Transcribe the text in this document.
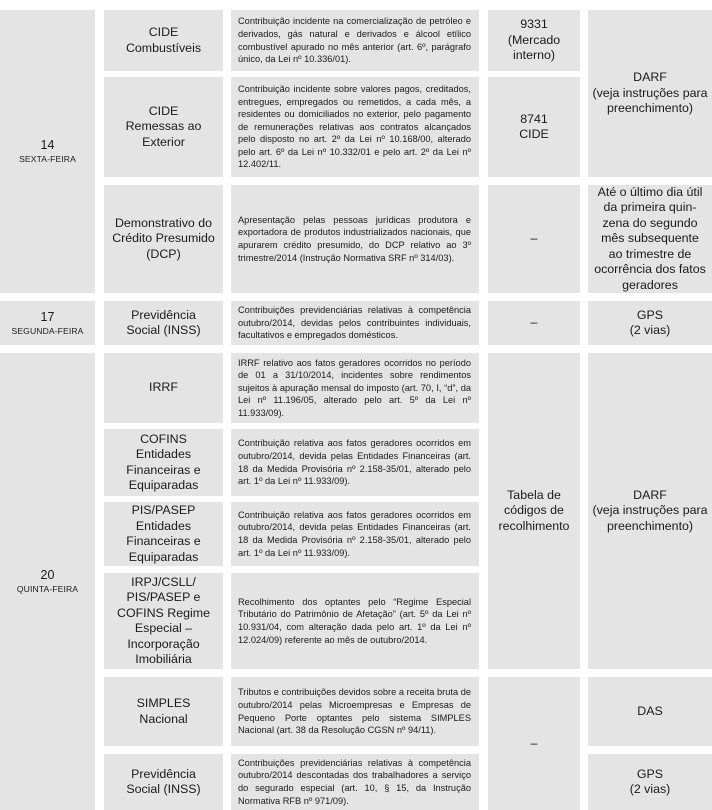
14
SEXTA-FEIRA
17
SEGUNDA-FEIRA
20
QUINTA-FEIRA
CIDE
Combustíveis
CIDE
Remessas ao
Exterior
Demonstrativo do
Crédito Presumido
(DCP)
Previdência
Social (INSS)
IRRF
COFINS
Entidades
Financeiras e
Equiparadas
PIS/PASEP
Entidades
Financeiras e
Equiparadas
IRPJ/CSLL/
PIS/PASEP e
COFINS Regime
Especial –
Incorporação
Imobiliária
SIMPLES
Nacional
Previdência
Social (INSS)
Contribuição incidente na comercialização de petróleo e derivados, gás natural e derivados e álcool etílico combustível apurado no mês anterior (art. 6º, parágrafo único, da Lei nº 10.336/01).
Contribuição incidente sobre valores pagos, creditados, entregues, empregados ou remetidos, a cada mês, a residentes ou domiciliados no exterior, pelo pagamento de remunerações relativas aos contratos alcançados pelo disposto no art. 2º da Lei nº 10.168/00, alterado pelo art. 6º da Lei nº 10.332/01 e pelo art. 2º da Lei nº 12.402/11.
Apresentação pelas pessoas jurídicas produtora e exportadora de produtos industrializados nacionais, que apurarem crédito presumido, do DCP relativo ao 3º trimestre/2014 (Instrução Normativa SRF nº 314/03).
Contribuições previdenciárias relativas à competência outubro/2014, devidas pelos contribuintes individuais, facultativos e empregados domésticos.
IRRF relativo aos fatos geradores ocorridos no período de 01 a 31/10/2014, incidentes sobre rendimentos sujeitos à apuração mensal do imposto (art. 70, I, “d”, da Lei nº 11.196/05, alterado pelo art. 5º da Lei nº 11.933/09).
Contribuição relativa aos fatos geradores ocorridos em outubro/2014, devida pelas Entidades Financeiras (art. 18 da Medida Provisória nº 2.158-35/01, alterado pelo art. 1º da Lei nº 11.933/09).
Contribuição relativa aos fatos geradores ocorridos em outubro/2014, devida pelas Entidades Financeiras (art. 18 da Medida Provisória nº 2.158-35/01, alterado pelo art. 1º da Lei nº 11.933/09).
Recolhimento dos optantes pelo “Regime Especial Tributário do Patrimônio de Afetação” (art. 5º da Lei nº 10.931/04, com alteração dada pelo art. 1º da Lei nº 12.024/09) referente ao mês de outubro/2014.
Tributos e contribuições devidos sobre a receita bruta de outubro/2014 pelas Microempresas e Empresas de Pequeno Porte optantes pelo sistema SIMPLES Nacional (art. 38 da Resolução CGSN nº 94/11).
Contribuições previdenciárias relativas à competência outubro/2014 descontadas dos trabalhadores a serviço do segurado especial (art. 10, § 15, da Instrução Normativa RFB nº 971/09).
9331
(Mercado
interno)
8741
CIDE
–
–
Tabela de
códigos de
recolhimento
–
DARF
(veja instruções para
preenchimento)
Até o último dia útil
da primeira quin-
zena do segundo
mês subsequente
ao trimestre de
ocorrência dos fatos
geradores
GPS
(2 vias)
DARF
(veja instruções para
preenchimento)
DAS
GPS
(2 vias)
